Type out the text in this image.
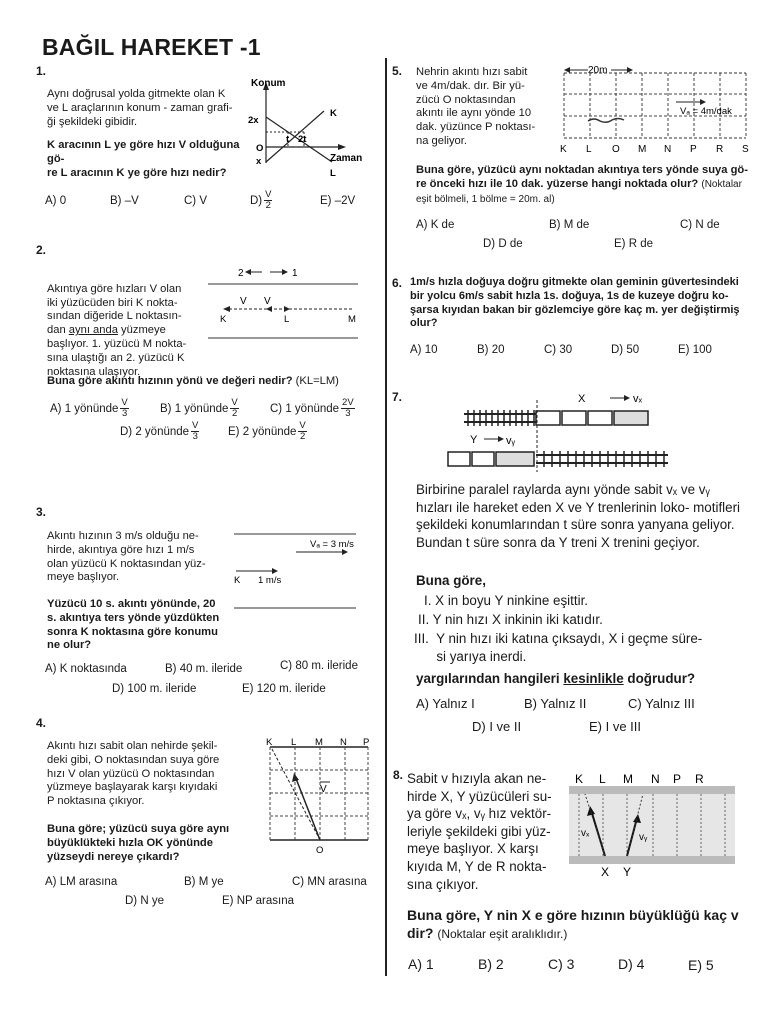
BAĞIL HAREKET -1
1.
Aynı doğrusal yolda gitmekte olan K
ve L araçlarının konum - zaman grafi-
ği şekildeki gibidir.
K aracının L ye göre hızı V olduğuna gö-
re L aracının K ye göre hızı nedir?
Konum
2x
O
x
t 2t
K
L
Zaman
A) 0	B) –V	C) V	$D) \frac{V}{2}$	E) –2V
2.

Akıntıya göre hızları V olan
iki yüzücüden biri K nokta-
sından diğeride L noktasın-
dan aynı anda yüzmeye
başlıyor. 1. yüzücü M nokta-
sına ulaştığı an 2. yüzücü K
noktasına ulaşıyor.

2	1
V V
K	L	M
Buna göre akıntı hızının yönü ve değeri nedir? (KL=LM)
A) 1 yönünde $\frac{V}{3}$	B) 1 yönünde $\frac{V}{2}$	C) 1 yönünde $\frac{2V}{3}$
D) 2 yönünde $\frac{V}{3} E$) 2 yönünde $\frac{V}{2}$
3.
Akıntı hızının 3 m/s olduğu ne-
hirde, akıntıya göre hızı 1 m/s
olan yüzücü K noktasından yüz-
meye başlıyor.
Yüzücü 10 s. akıntı yönünde, 20
s. akıntıya ters yönde yüzdükten
sonra K noktasına göre konumu
ne olur?
Vₐ = 3 m/s
K 1 m/s
A) K noktasında	B) 40 m. ileride	C) 80 m. ileride
D) 100 m. ileride	E) 120 m. ileride
4.
Akıntı hızı sabit olan nehirde şekil-
deki gibi, O noktasından suya göre
hızı V olan yüzücü O noktasından
yüzmeye başlayarak karşı kıyıdaki
P noktasına çıkıyor.
Buna göre; yüzücü suya göre aynı
büyüklükteki hızla OK yönünde
yüzseydi nereye çıkardı?
V
K L M N P
O
A) LM arasına	B) M ye	C) MN arasına
D) N ye	E) NP arasına
5. Nehrin akıntı hızı sabit
ve 4m/dak. dır. Bir yü-
zücü O noktasından
akıntı ile aynı yönde 10
dak. yüzünce P noktası-
na geliyor.
20m
Vₐ = 4m/dak
K L O M N P R S
Buna göre, yüzücü aynı noktadan akıntıya ters yönde suya gö-
re önceki hızı ile 10 dak. yüzerse hangi noktada olur? (Noktalar
eşit bölmeli, 1 bölme = 20m. al)
A) K de	B) M de	C) N de
D) D de	E) R de
6. 1m/s hızla doğuya doğru gitmekte olan geminin güvertesindeki
bir yolcu 6m/s sabit hızla 1s. doğuya, 1s de kuzeye doğru ko-
şarsa kıyıdan bakan bir gözlemciye göre kaç m. yer değiştirmiş
olur?
A) 10	B) 20	C) 30	D) 50	E) 100
7.	X	vₓ
Y	vᵧ
Birbirine paralel raylarda aynı yönde sabit vₓ ve vᵧ hızları ile hareket eden X ve Y trenlerinin loko- motifleri şekildeki konumlarından t süre sonra yanyana geliyor. Bundan t süre sonra da Y treni X trenini geçiyor.
Buna göre,
I. X in boyu Y ninkine eşittir.
II. Y nin hızı X inkinin iki katıdır.
III.  Y nin hızı iki katına çıksaydı, X i geçme süre-
si yarıya inerdi.
yargılarından hangileri kesinlikle doğrudur?
A) Yalnız I	B) Yalnız II	C) Yalnız III
D) I ve II	E) I ve III
8. Sabit v hızıyla akan ne- hirde X, Y yüzücüleri su- ya göre vₓ, vᵧ hız vektör- leriyle şekildeki gibi yüz- meye başlıyor. X karşı kıyıda M, Y de R nokta- sına çıkıyor.
K L M N P R
vₓ	vᵧ
X Y
Buna göre, Y nin X e göre hızının büyüklüğü kaç v dir? (Noktalar eşit aralıklıdır.)
A) 1	B) 2	C) 3	D) 4	E) 5
